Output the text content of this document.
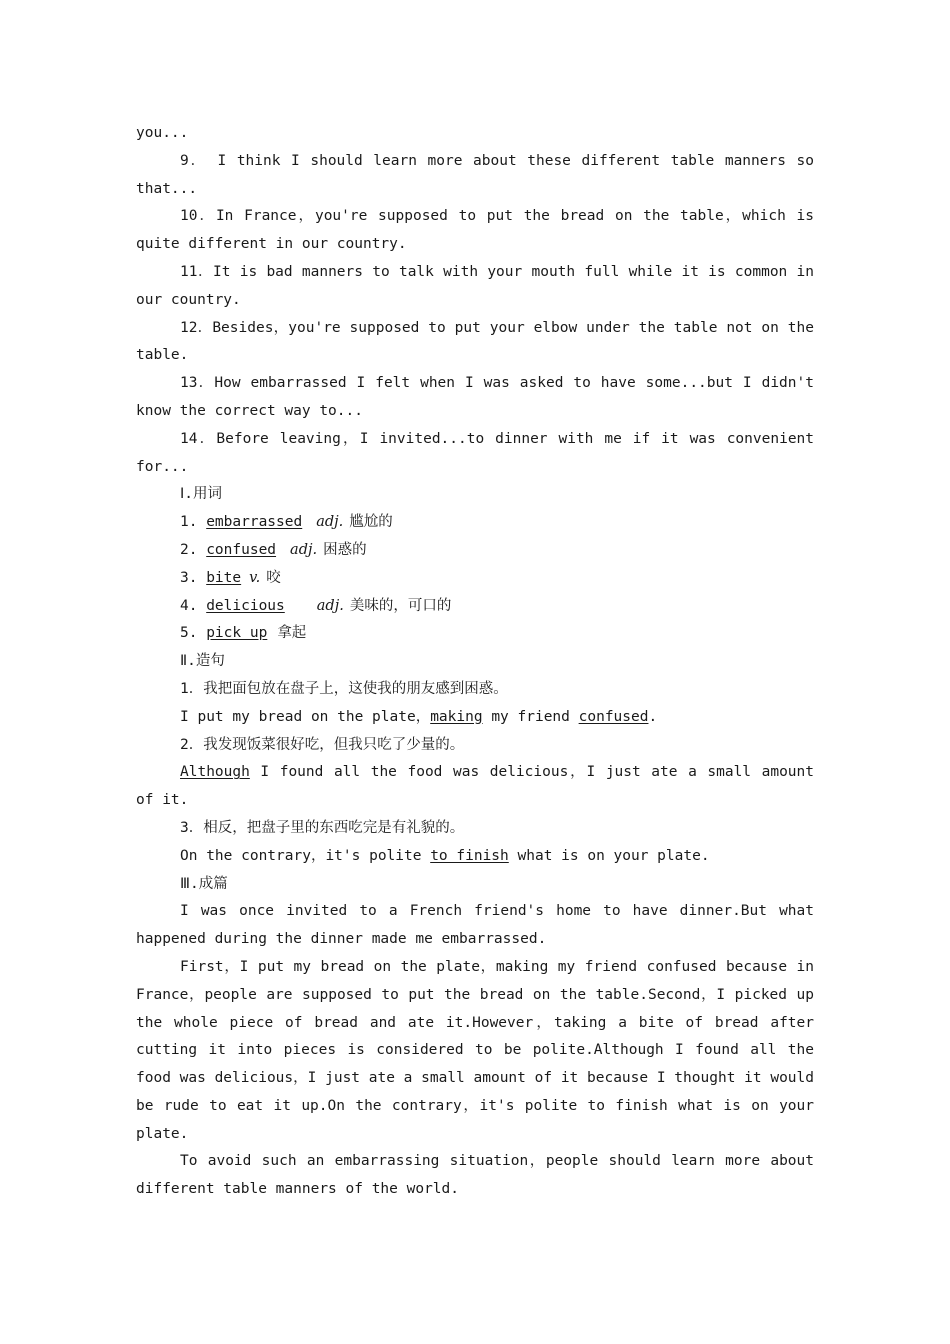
you...

9． I think I should learn more about these different table manners so that...

10．In France，you're supposed to put the bread on the table，which is quite different in our country.

11．It is bad manners to talk with your mouth full while it is common in our country.

12．Besides，you're supposed to put your elbow under the table not on the table.

13．How embarrassed I felt when I was asked to have some...but I didn't know the correct way to...

14．Before leaving，I invited...to dinner with me if it was convenient for...

Ⅰ.用词

1. embarrassed adj. 尴尬的

2. confused adj. 困惑的

3. bite v. 咬

4. delicious adj. 美味的，可口的

5. pick up 拿起

Ⅱ.造句

1．我把面包放在盘子上，这使我的朋友感到困惑。

I put my bread on the plate，making my friend confused.

2．我发现饭菜很好吃，但我只吃了少量的。

Although I found all the food was delicious，I just ate a small amount of it.

3．相反，把盘子里的东西吃完是有礼貌的。

On the contrary，it's polite to finish what is on your plate.

Ⅲ.成篇

I was once invited to a French friend's home to have dinner.But what happened during the dinner made me embarrassed.

First，I put my bread on the plate，making my friend confused because in France，people are supposed to put the bread on the table.Second，I picked up the whole piece of bread and ate it.However，taking a bite of bread after cutting it into pieces is considered to be polite.Although I found all the food was delicious，I just ate a small amount of it because I thought it would be rude to eat it up.On the contrary，it's polite to finish what is on your plate.

To avoid such an embarrassing situation，people should learn more about different table manners of the world.
